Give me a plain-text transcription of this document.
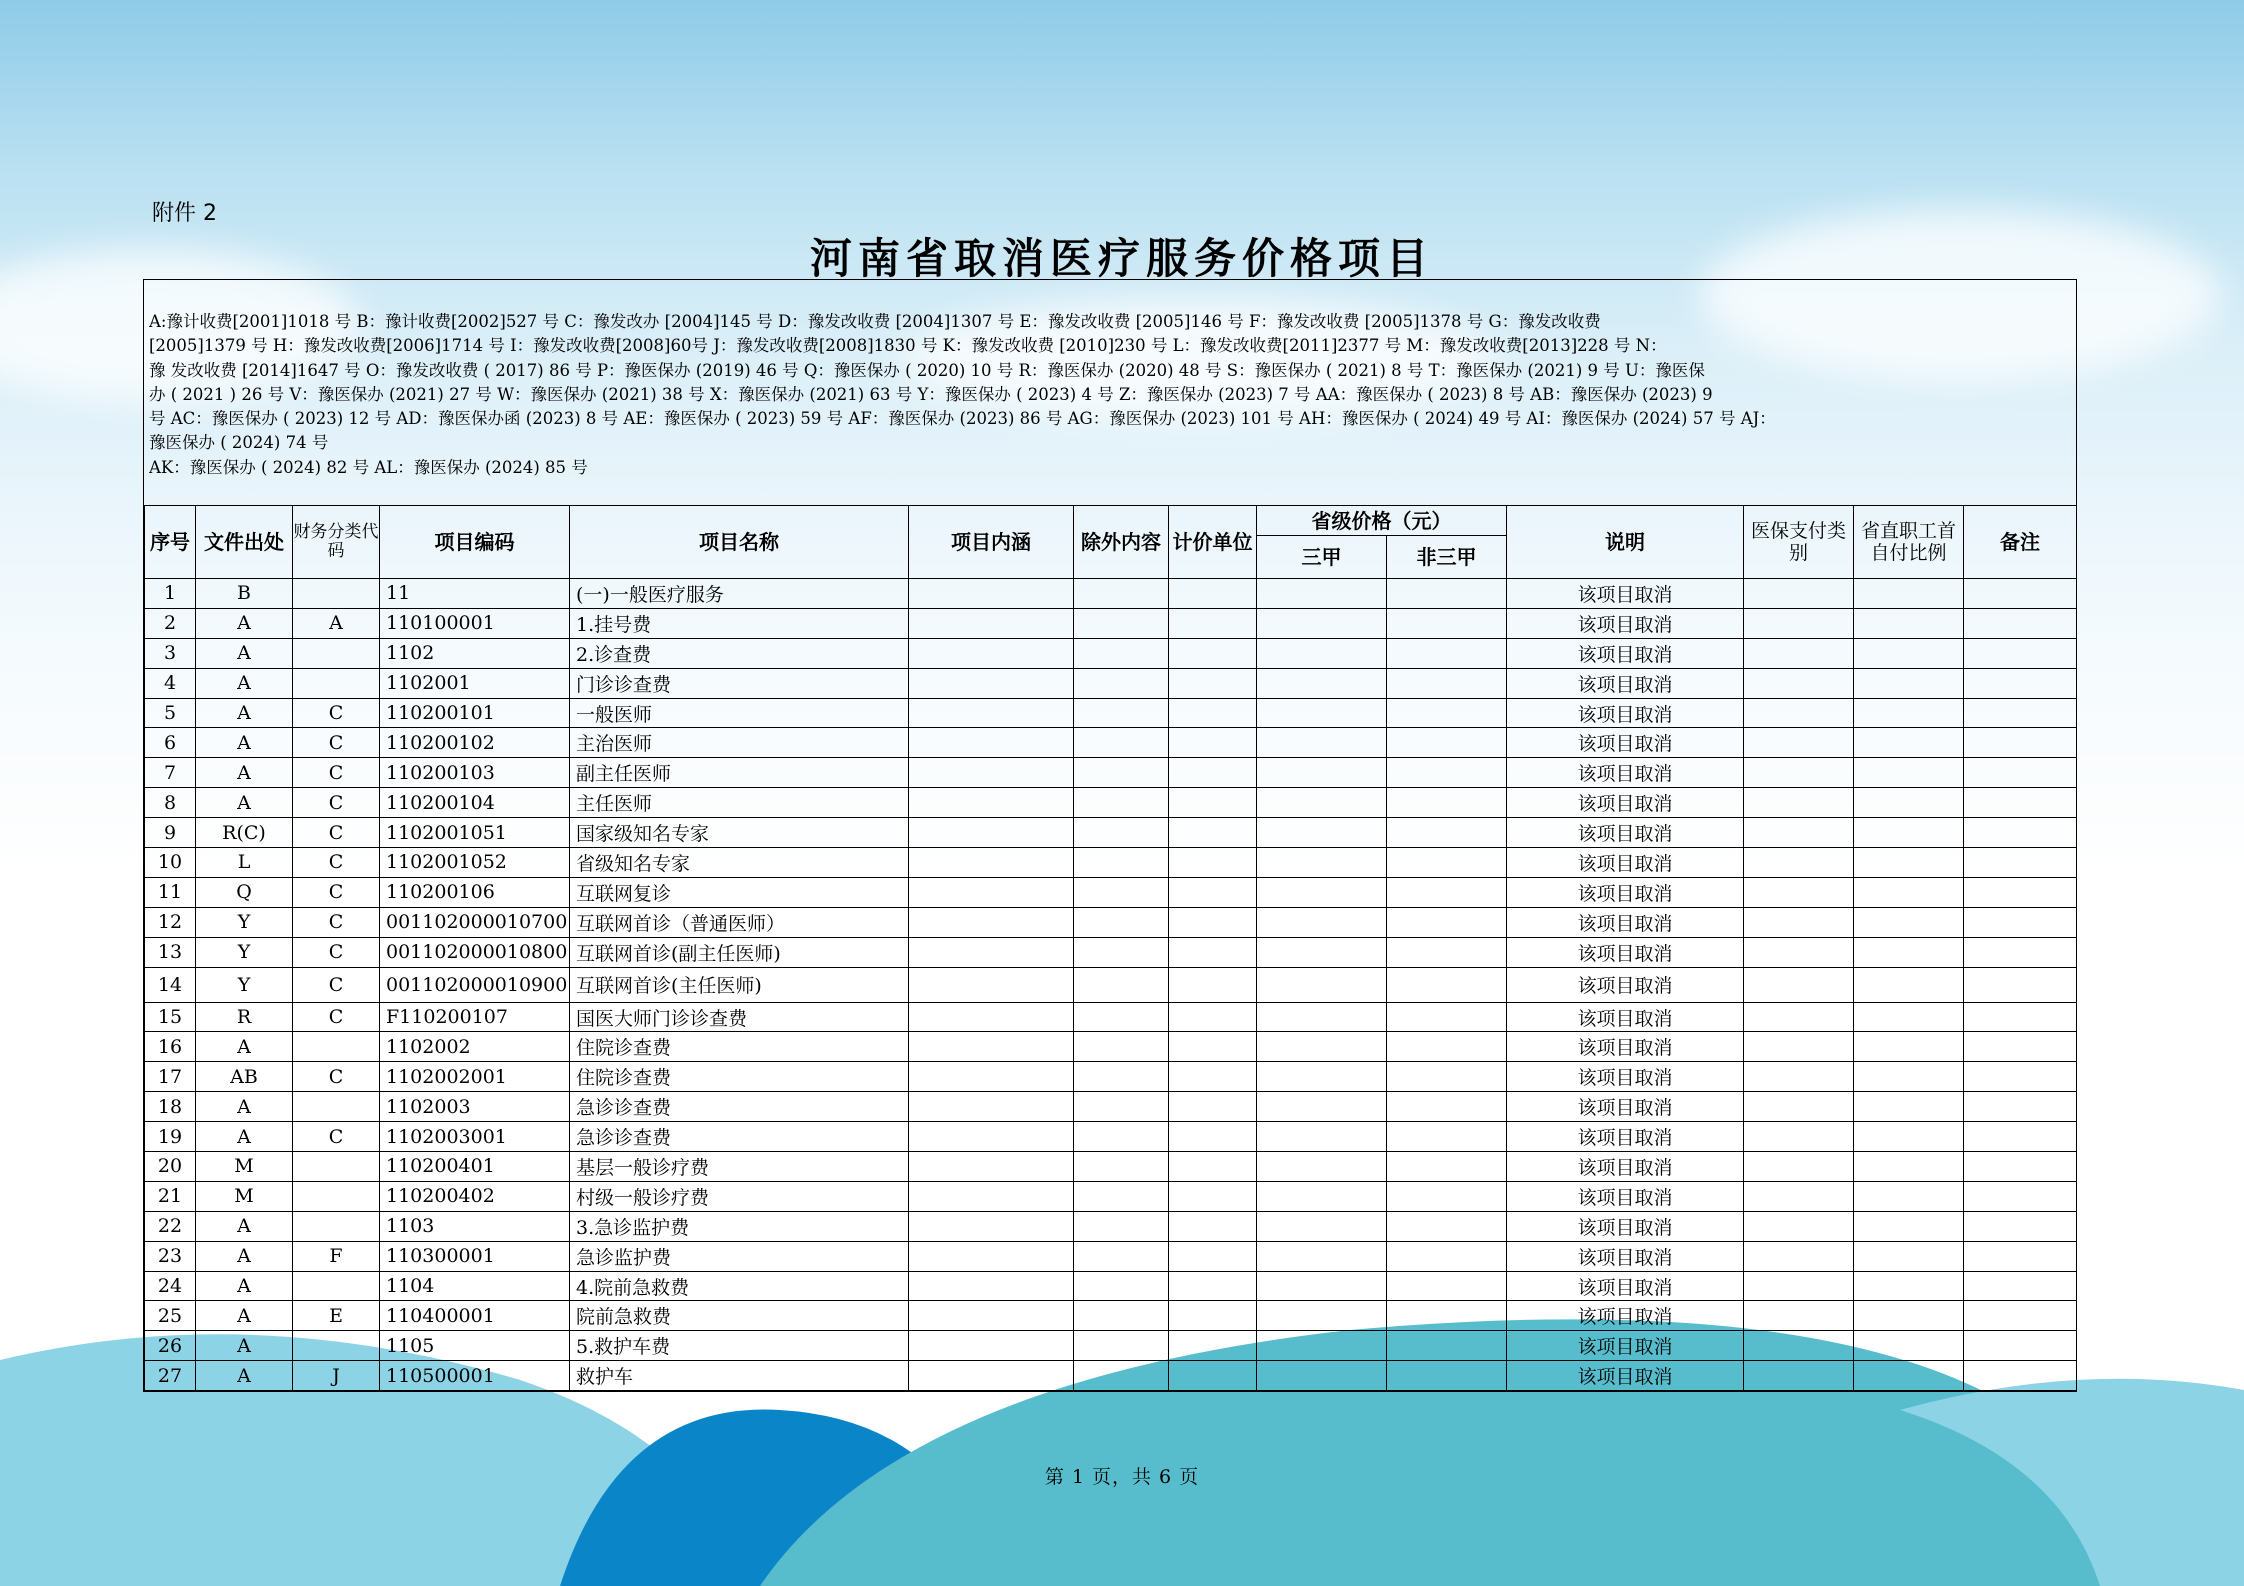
附件 2
河南省取消医疗服务价格项目
A:豫计收费[2001]1018 号 B：豫计收费[2002]527 号 C：豫发改办 [2004]145 号 D：豫发改收费 [2004]1307 号 E：豫发改收费 [2005]146 号 F：豫发改收费 [2005]1378 号 G：豫发改收费
[2005]1379 号 H：豫发改收费[2006]1714 号 I：豫发改收费[2008]60号 J：豫发改收费[2008]1830 号 K：豫发改收费 [2010]230 号 L：豫发改收费[2011]2377 号 M：豫发改收费[2013]228 号 N：
豫 发改收费 [2014]1647 号 O：豫发改收费 ( 2017) 86 号 P：豫医保办 (2019) 46 号 Q：豫医保办 ( 2020) 10 号 R：豫医保办 (2020) 48 号 S：豫医保办 ( 2021) 8 号 T：豫医保办 (2021) 9 号 U：豫医保
办 ( 2021 ) 26 号 V：豫医保办 (2021) 27 号 W：豫医保办 (2021) 38 号 X：豫医保办 (2021) 63 号 Y：豫医保办 ( 2023) 4 号 Z：豫医保办 (2023) 7 号 AA：豫医保办 ( 2023) 8 号 AB：豫医保办 (2023) 9
号 AC：豫医保办 ( 2023) 12 号 AD：豫医保办函 (2023) 8 号 AE：豫医保办 ( 2023) 59 号 AF：豫医保办 (2023) 86 号 AG：豫医保办 (2023) 101 号 AH：豫医保办 ( 2024) 49 号 AI：豫医保办 (2024) 57 号 AJ：
豫医保办 ( 2024) 74 号
AK：豫医保办 ( 2024) 82 号 AL：豫医保办 (2024) 85 号
序号	文件出处	财务分类代码	项目编码	项目名称	项目内涵	除外内容	计价单位	省级价格（元）		说明	医保支付类别	省直职工首自付比例	备注
								三甲	非三甲				
1	B		11	(一)一般医疗服务						该项目取消			
2	A	A	110100001	1.挂号费						该项目取消			
3	A		1102	2.诊查费						该项目取消			
4	A		1102001	门诊诊查费						该项目取消			
5	A	C	110200101	一般医师						该项目取消			
6	A	C	110200102	主治医师						该项目取消			
7	A	C	110200103	副主任医师						该项目取消			
8	A	C	110200104	主任医师						该项目取消			
9	R(C)	C	1102001051	国家级知名专家						该项目取消			
10	L	C	1102001052	省级知名专家						该项目取消			
11	Q	C	110200106	互联网复诊						该项目取消			
12	Y	C	001102000010700	互联网首诊（普通医师）						该项目取消			
13	Y	C	001102000010800	互联网首诊(副主任医师)						该项目取消			
14	Y	C	001102000010900	互联网首诊(主任医师)						该项目取消			
15	R	C	F110200107	国医大师门诊诊查费						该项目取消			
16	A		1102002	住院诊查费						该项目取消			
17	AB	C	1102002001	住院诊查费						该项目取消			
18	A		1102003	急诊诊查费						该项目取消			
19	A	C	1102003001	急诊诊查费						该项目取消			
20	M		110200401	基层一般诊疗费						该项目取消			
21	M		110200402	村级一般诊疗费						该项目取消			
22	A		1103	3.急诊监护费						该项目取消			
23	A	F	110300001	急诊监护费						该项目取消			
24	A		1104	4.院前急救费						该项目取消			
25	A	E	110400001	院前急救费						该项目取消			
26	A		1105	5.救护车费						该项目取消			
27	A	J	110500001	救护车						该项目取消			
第 1 页，共 6 页
